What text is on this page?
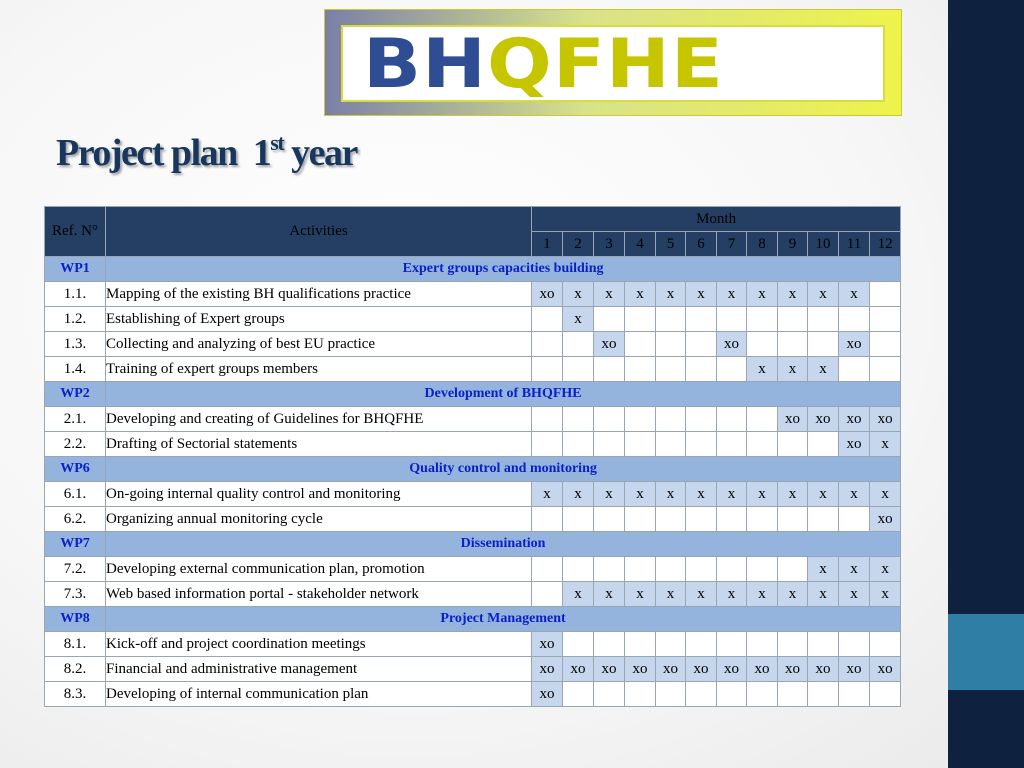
BHQFHE
Project plan 1st year
Ref. N°	Activities	Month											
		1	2	3	4	5	6	7	8	9	10	11	12
WP1	Expert groups capacities building												
1.1.	Mapping of the existing BH qualifications practice	xo	x	x	x	x	x	x	x	x	x	x	
1.2.	Establishing of Expert groups		x										
1.3.	Collecting and analyzing of best EU practice			xo				xo				xo	
1.4.	Training of expert groups members								x	x	x		
WP2	Development of BHQFHE												
2.1.	Developing and creating of Guidelines for BHQFHE									xo	xo	xo	xo
2.2.	Drafting of Sectorial statements											xo	x
WP6	Quality control and monitoring												
6.1.	On-going internal quality control and monitoring	x	x	x	x	x	x	x	x	x	x	x	x
6.2.	Organizing annual monitoring cycle												xo
WP7	Dissemination												
7.2.	Developing external communication plan, promotion										x	x	x
7.3.	Web based information portal - stakeholder network		x	x	x	x	x	x	x	x	x	x	x
WP8	Project Management												
8.1.	Kick-off and project coordination meetings	xo											
8.2.	Financial and administrative management	xo	xo	xo	xo	xo	xo	xo	xo	xo	xo	xo	xo
8.3.	Developing of internal communication plan	xo											
